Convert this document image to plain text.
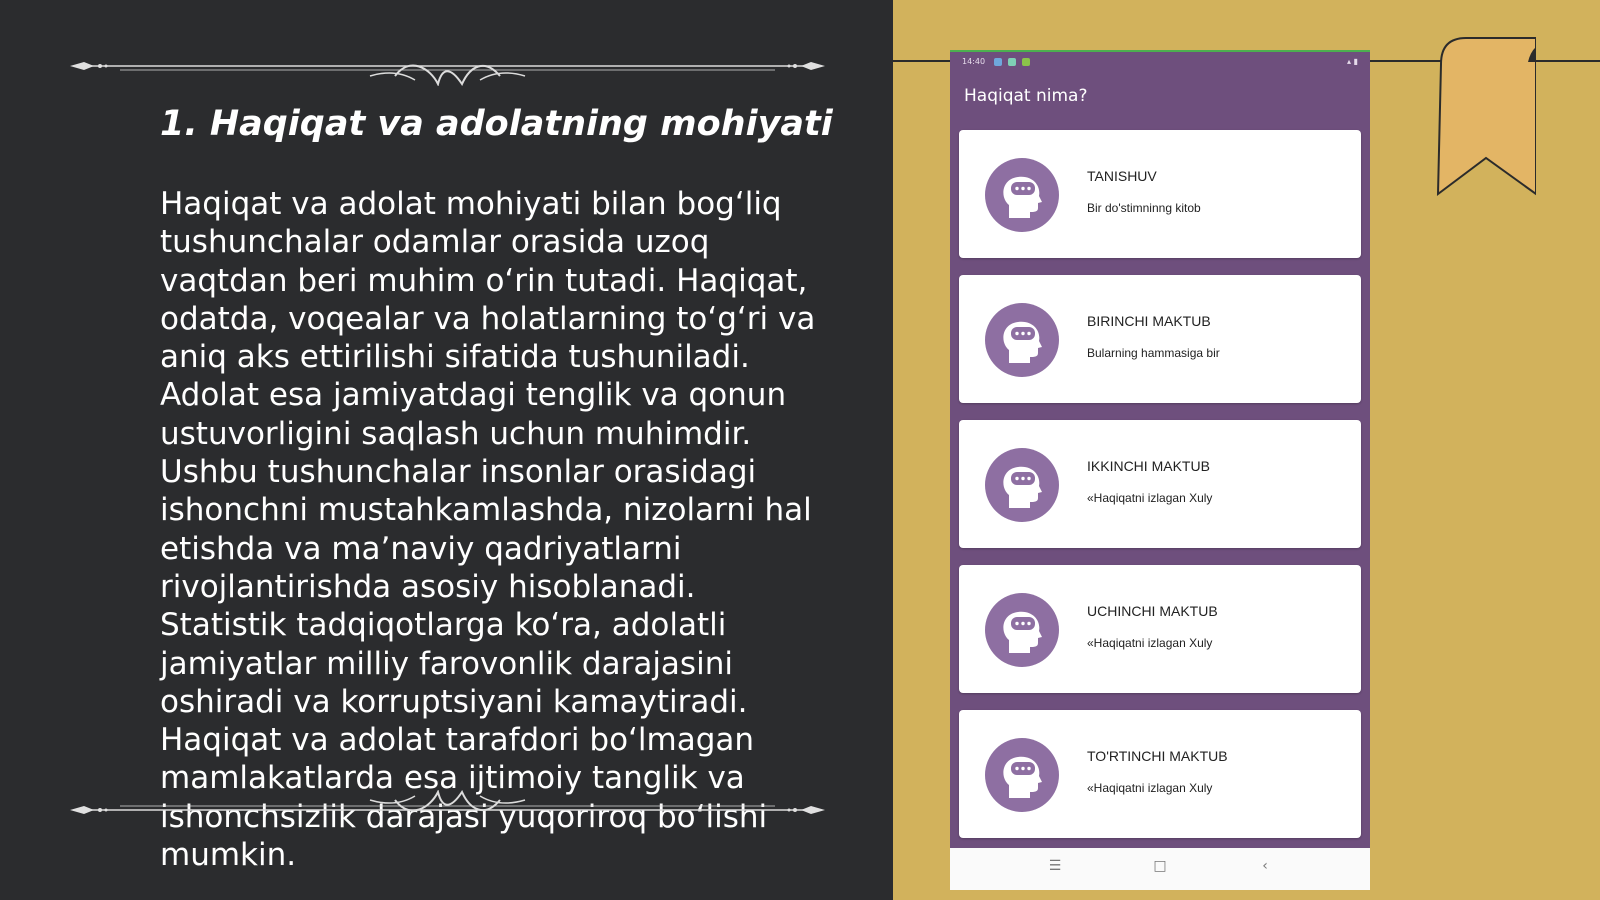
1. Haqiqat va adolatning mohiyati

Haqiqat va adolat mohiyati bilan bog‘liq tushunchalar odamlar orasida uzoq vaqtdan beri muhim o‘rin tutadi. Haqiqat, odatda, voqealar va holatlarning to‘g‘ri va aniq aks ettirilishi sifatida tushuniladi. Adolat esa jamiyatdagi tenglik va qonun ustuvorligini saqlash uchun muhimdir. Ushbu tushunchalar insonlar orasidagi ishonchni mustahkamlashda, nizolarni hal etishda va ma’naviy qadriyatlarni rivojlantirishda asosiy hisoblanadi. Statistik tadqiqotlarga ko‘ra, adolatli jamiyatlar milliy farovonlik darajasini oshiradi va korruptsiyani kamaytiradi. Haqiqat va adolat tarafdori bo‘lmagan mamlakatlarda esa ijtimoiy tanglik va ishonchsizlik darajasi yuqoriroq bo‘lishi mumkin.

14:40	▴ ▮
Haqiqat nima?
TANISHUV
Bir do'stimninng kitob
BIRINCHI MAKTUB
Bularning hammasiga bir
IKKINCHI MAKTUB
«Haqiqatni izlagan Xuly
UCHINCHI MAKTUB
«Haqiqatni izlagan Xuly
TO'RTINCHI MAKTUB
«Haqiqatni izlagan Xuly
☰	□	‹
